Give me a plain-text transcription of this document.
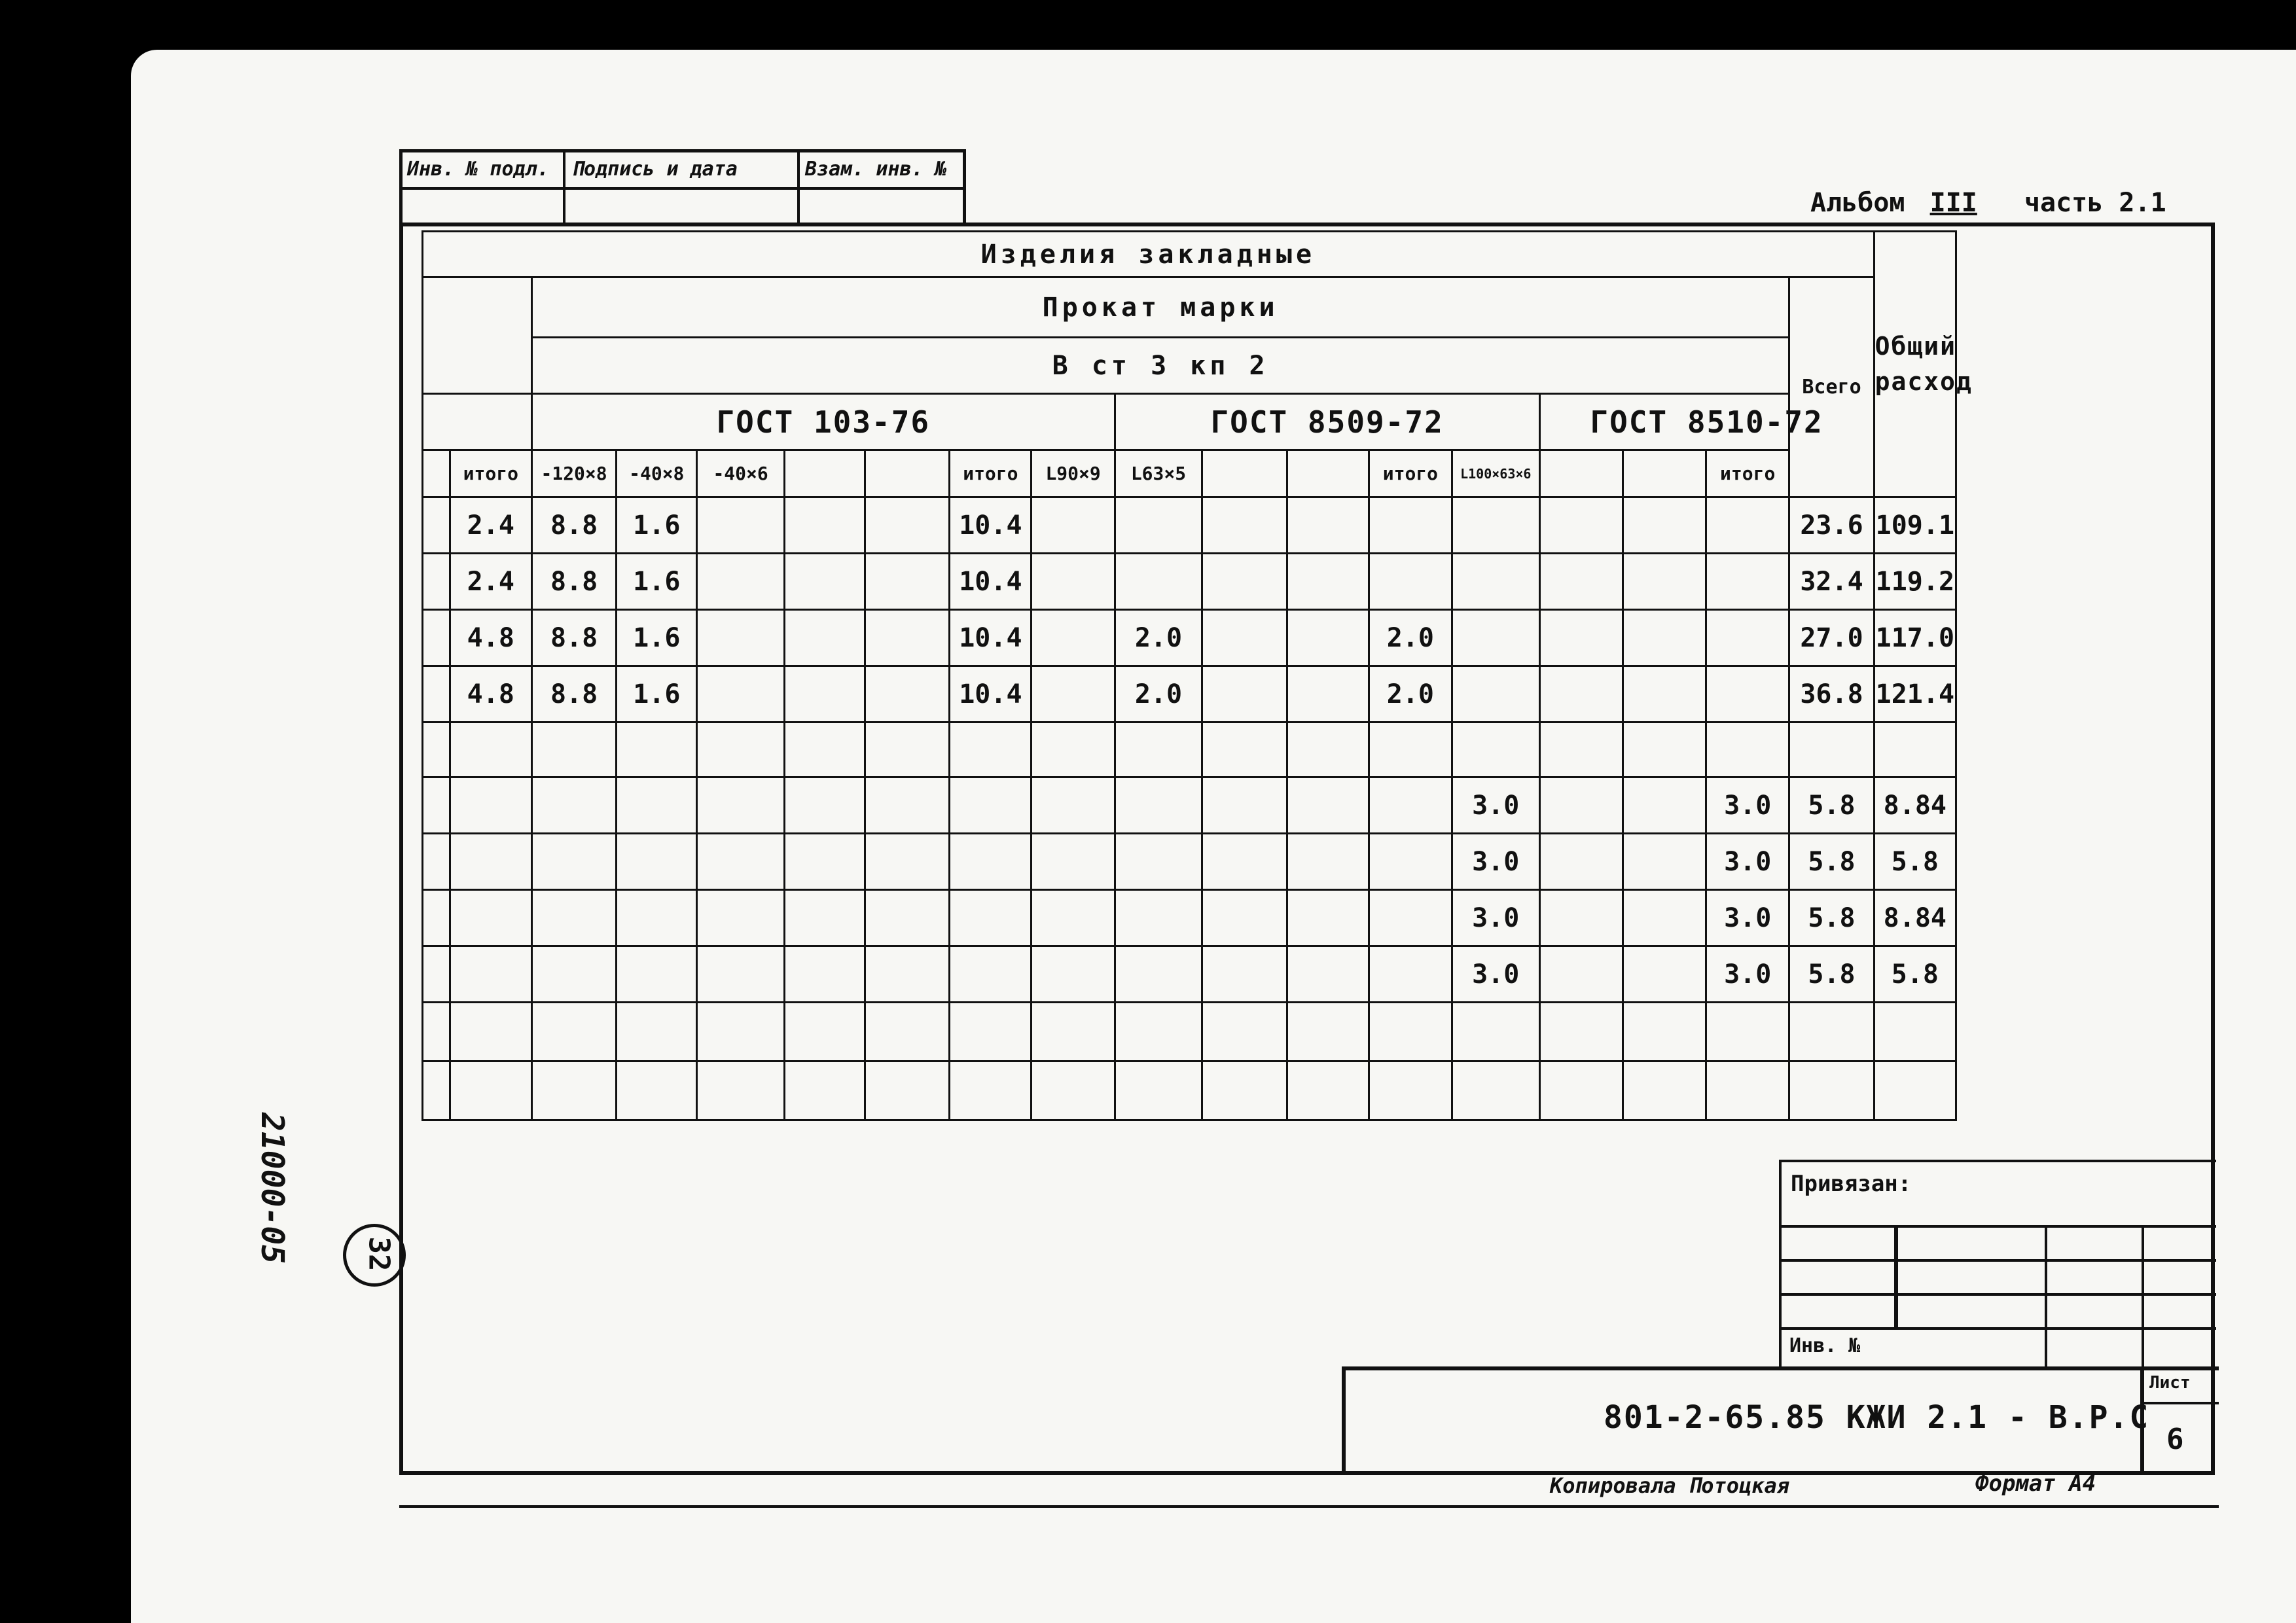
Инв. № подл. Подпись и дата	Взам. инв. №
Альбом III часть 2.1
Изделия закладные																		Общий расход
		Прокат марки															Всего	
		В ст 3 кп 2																
		ГОСТ 103-76							ГОСТ 8509-72					ГОСТ 8510-72				
	итого	-120×8	-40×8	-40×6			итого	L90×9	L63×5			итого	L100×63×6			итого		
	2.4	8.8	1.6				10.4										23.6	109.1
	2.4	8.8	1.6				10.4										32.4	119.2
	4.8	8.8	1.6				10.4		2.0			2.0					27.0	117.0
	4.8	8.8	1.6				10.4		2.0			2.0					36.8	121.4

													3.0			3.0	5.8	8.84
													3.0			3.0	5.8	5.8
													3.0			3.0	5.8	8.84
													3.0			3.0	5.8	5.8

21000-05 32
Привязан:
Инв. №
801-2-65.85 КЖИ 2.1 - В.Р.С
Лист
6
Копировала Потоцкая	Формат А4
